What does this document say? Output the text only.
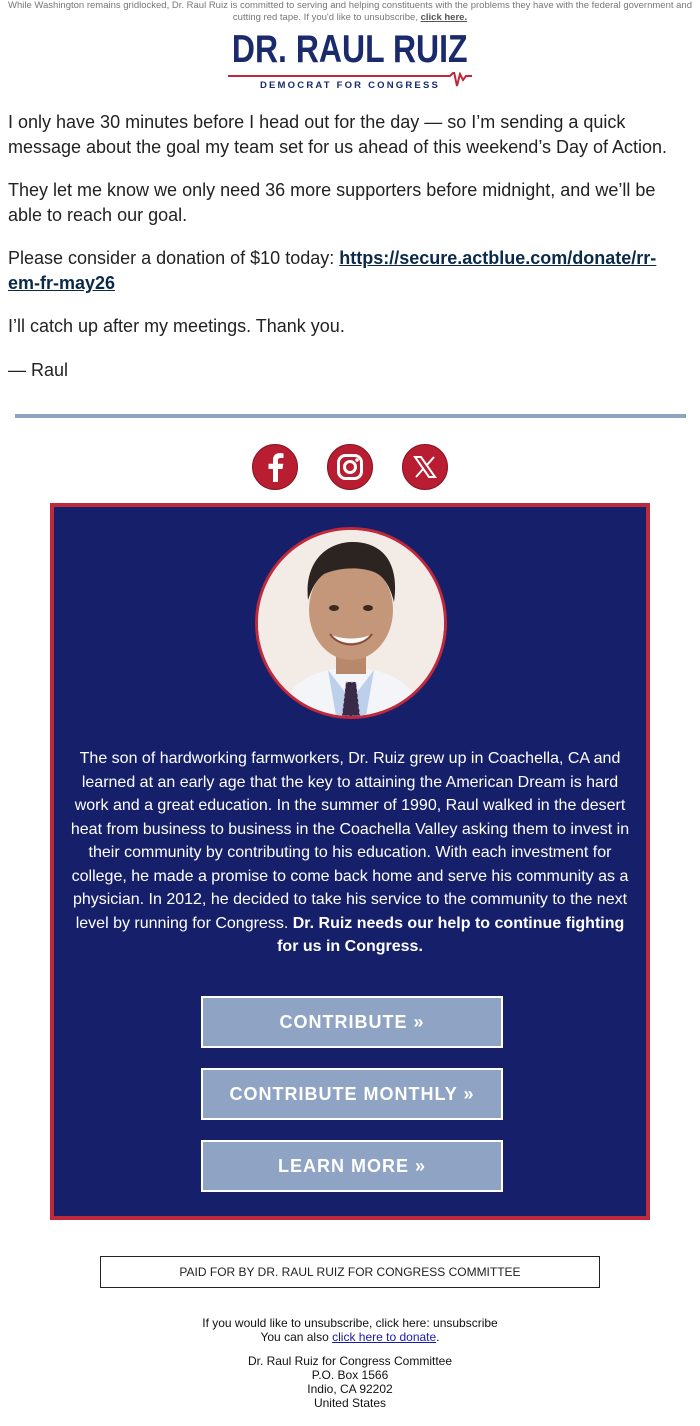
While Washington remains gridlocked, Dr. Raul Ruiz is committed to serving and helping constituents with the problems they have with the federal government and cutting red tape. If you'd like to unsubscribe, click here.
DR. RAUL RUIZ
DEMOCRAT FOR CONGRESS
I only have 30 minutes before I head out for the day — so I’m sending a quick message about the goal my team set for us ahead of this weekend’s Day of Action.
They let me know we only need 36 more supporters before midnight, and we’ll be able to reach our goal.
Please consider a donation of $10 today: https://secure.actblue.com/donate/rr-em-fr-may26
I’ll catch up after my meetings. Thank you.
— Raul
The son of hardworking farmworkers, Dr. Ruiz grew up in Coachella, CA and learned at an early age that the key to attaining the American Dream is hard work and a great education. In the summer of 1990, Raul walked in the desert heat from business to business in the Coachella Valley asking them to invest in their community by contributing to his education. With each investment for college, he made a promise to come back home and serve his community as a physician. In 2012, he decided to take his service to the community to the next level by running for Congress. Dr. Ruiz needs our help to continue fighting for us in Congress.
CONTRIBUTE »
CONTRIBUTE MONTHLY »
LEARN MORE »
PAID FOR BY DR. RAUL RUIZ FOR CONGRESS COMMITTEE
If you would like to unsubscribe, click here: unsubscribe
You can also click here to donate.
Dr. Raul Ruiz for Congress Committee
P.O. Box 1566
Indio, CA 92202
United States
